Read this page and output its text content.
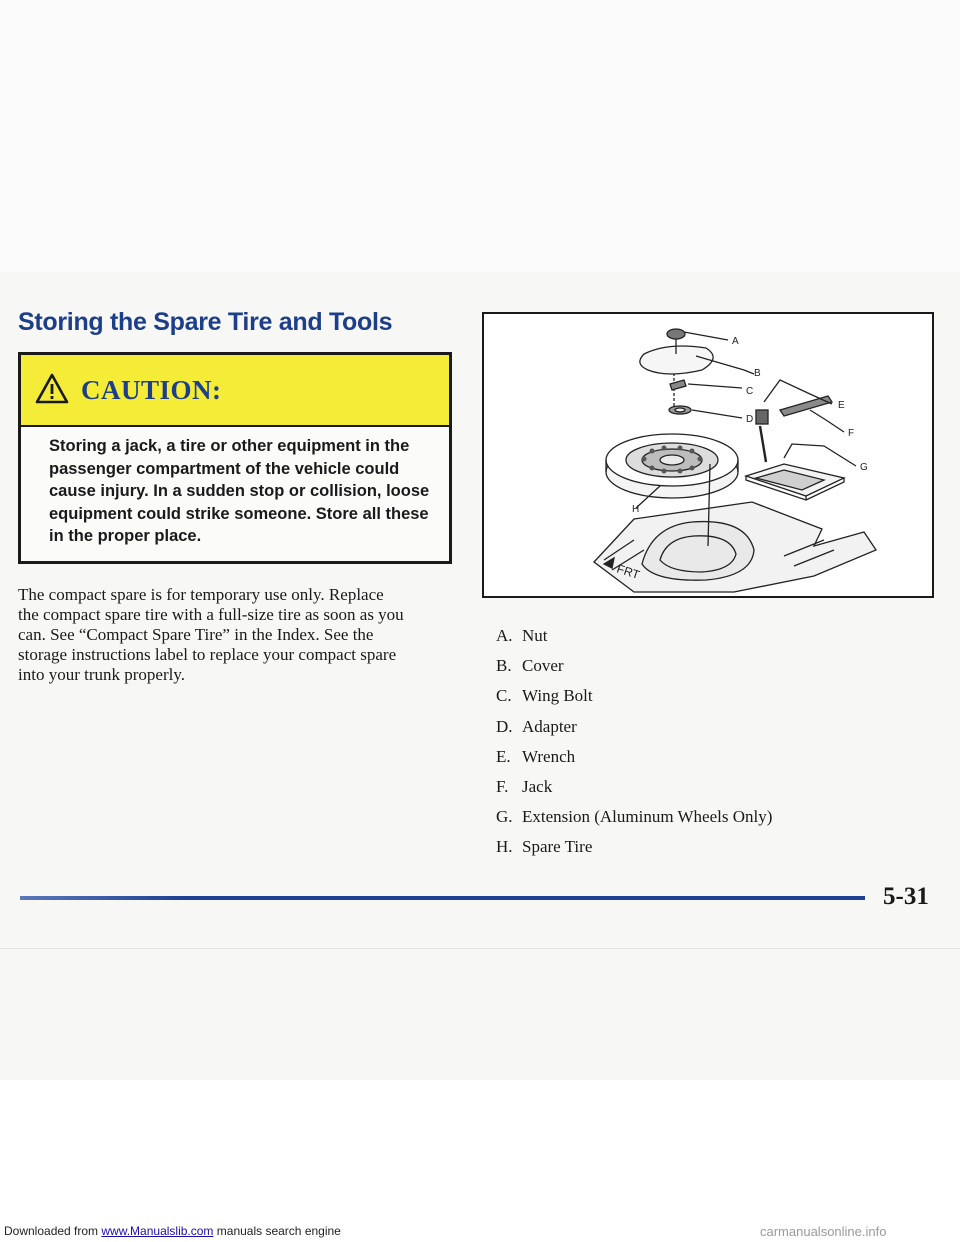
Storing the Spare Tire and Tools
CAUTION:
Storing a jack, a tire or other equipment in the
passenger compartment of the vehicle could
cause injury. In a sudden stop or collision, loose
equipment could strike someone. Store all these
in the proper place.
The compact spare is for temporary use only. Replace
the compact spare tire with a full-size tire as soon as you
can. See “Compact Spare Tire” in the Index. See the
storage instructions label to replace your compact spare
into your trunk properly.
A
B
C
D
E
F
G
H
FRT
A. Nut
B. Cover
C. Wing Bolt
D. Adapter
E. Wrench
F. Jack
G. Extension (Aluminum Wheels Only)
H. Spare Tire
5-31
Downloaded from www.Manualslib.com manuals search engine	carmanualsonline.info
